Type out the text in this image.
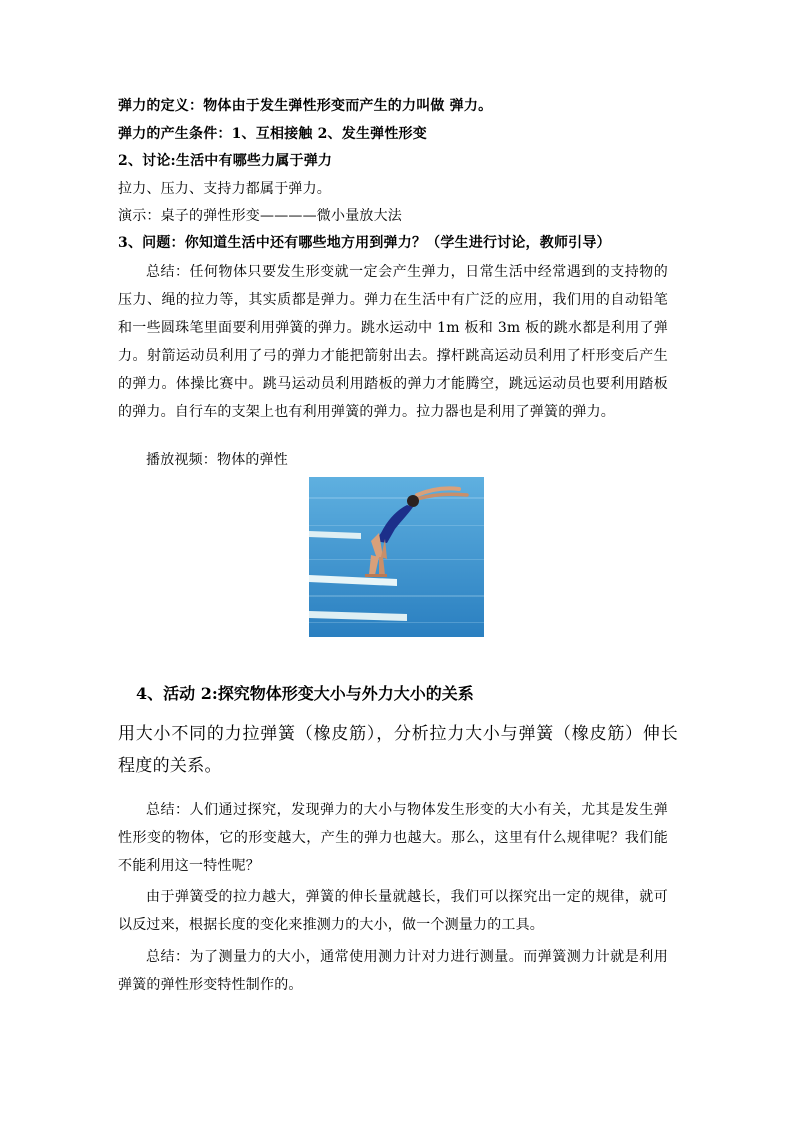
弹力的定义：物体由于发生弹性形变而产生的力叫做 弹力。
弹力的产生条件：1、互相接触 2、发生弹性形变
2、讨论:生活中有哪些力属于弹力
拉力、压力、支持力都属于弹力。
演示：桌子的弹性形变————微小量放大法
3、问题：你知道生活中还有哪些地方用到弹力？（学生进行讨论，教师引导）
总结：任何物体只要发生形变就一定会产生弹力，日常生活中经常遇到的支持物的压力、绳的拉力等，其实质都是弹力。弹力在生活中有广泛的应用，我们用的自动铅笔和一些圆珠笔里面要利用弹簧的弹力。跳水运动中 1m 板和 3m 板的跳水都是利用了弹力。射箭运动员利用了弓的弹力才能把箭射出去。撑杆跳高运动员利用了杆形变后产生的弹力。体操比赛中。跳马运动员利用踏板的弹力才能腾空，跳远运动员也要利用踏板的弹力。自行车的支架上也有利用弹簧的弹力。拉力器也是利用了弹簧的弹力。
播放视频：物体的弹性
4、活动 2:探究物体形变大小与外力大小的关系
用大小不同的力拉弹簧（橡皮筋），分析拉力大小与弹簧（橡皮筋）伸长程度的关系。
总结：人们通过探究，发现弹力的大小与物体发生形变的大小有关，尤其是发生弹性形变的物体，它的形变越大，产生的弹力也越大。那么，这里有什么规律呢？我们能不能利用这一特性呢？
由于弹簧受的拉力越大，弹簧的伸长量就越长，我们可以探究出一定的规律，就可以反过来，根据长度的变化来推测力的大小，做一个测量力的工具。
总结：为了测量力的大小，通常使用测力计对力进行测量。而弹簧测力计就是利用弹簧的弹性形变特性制作的。
